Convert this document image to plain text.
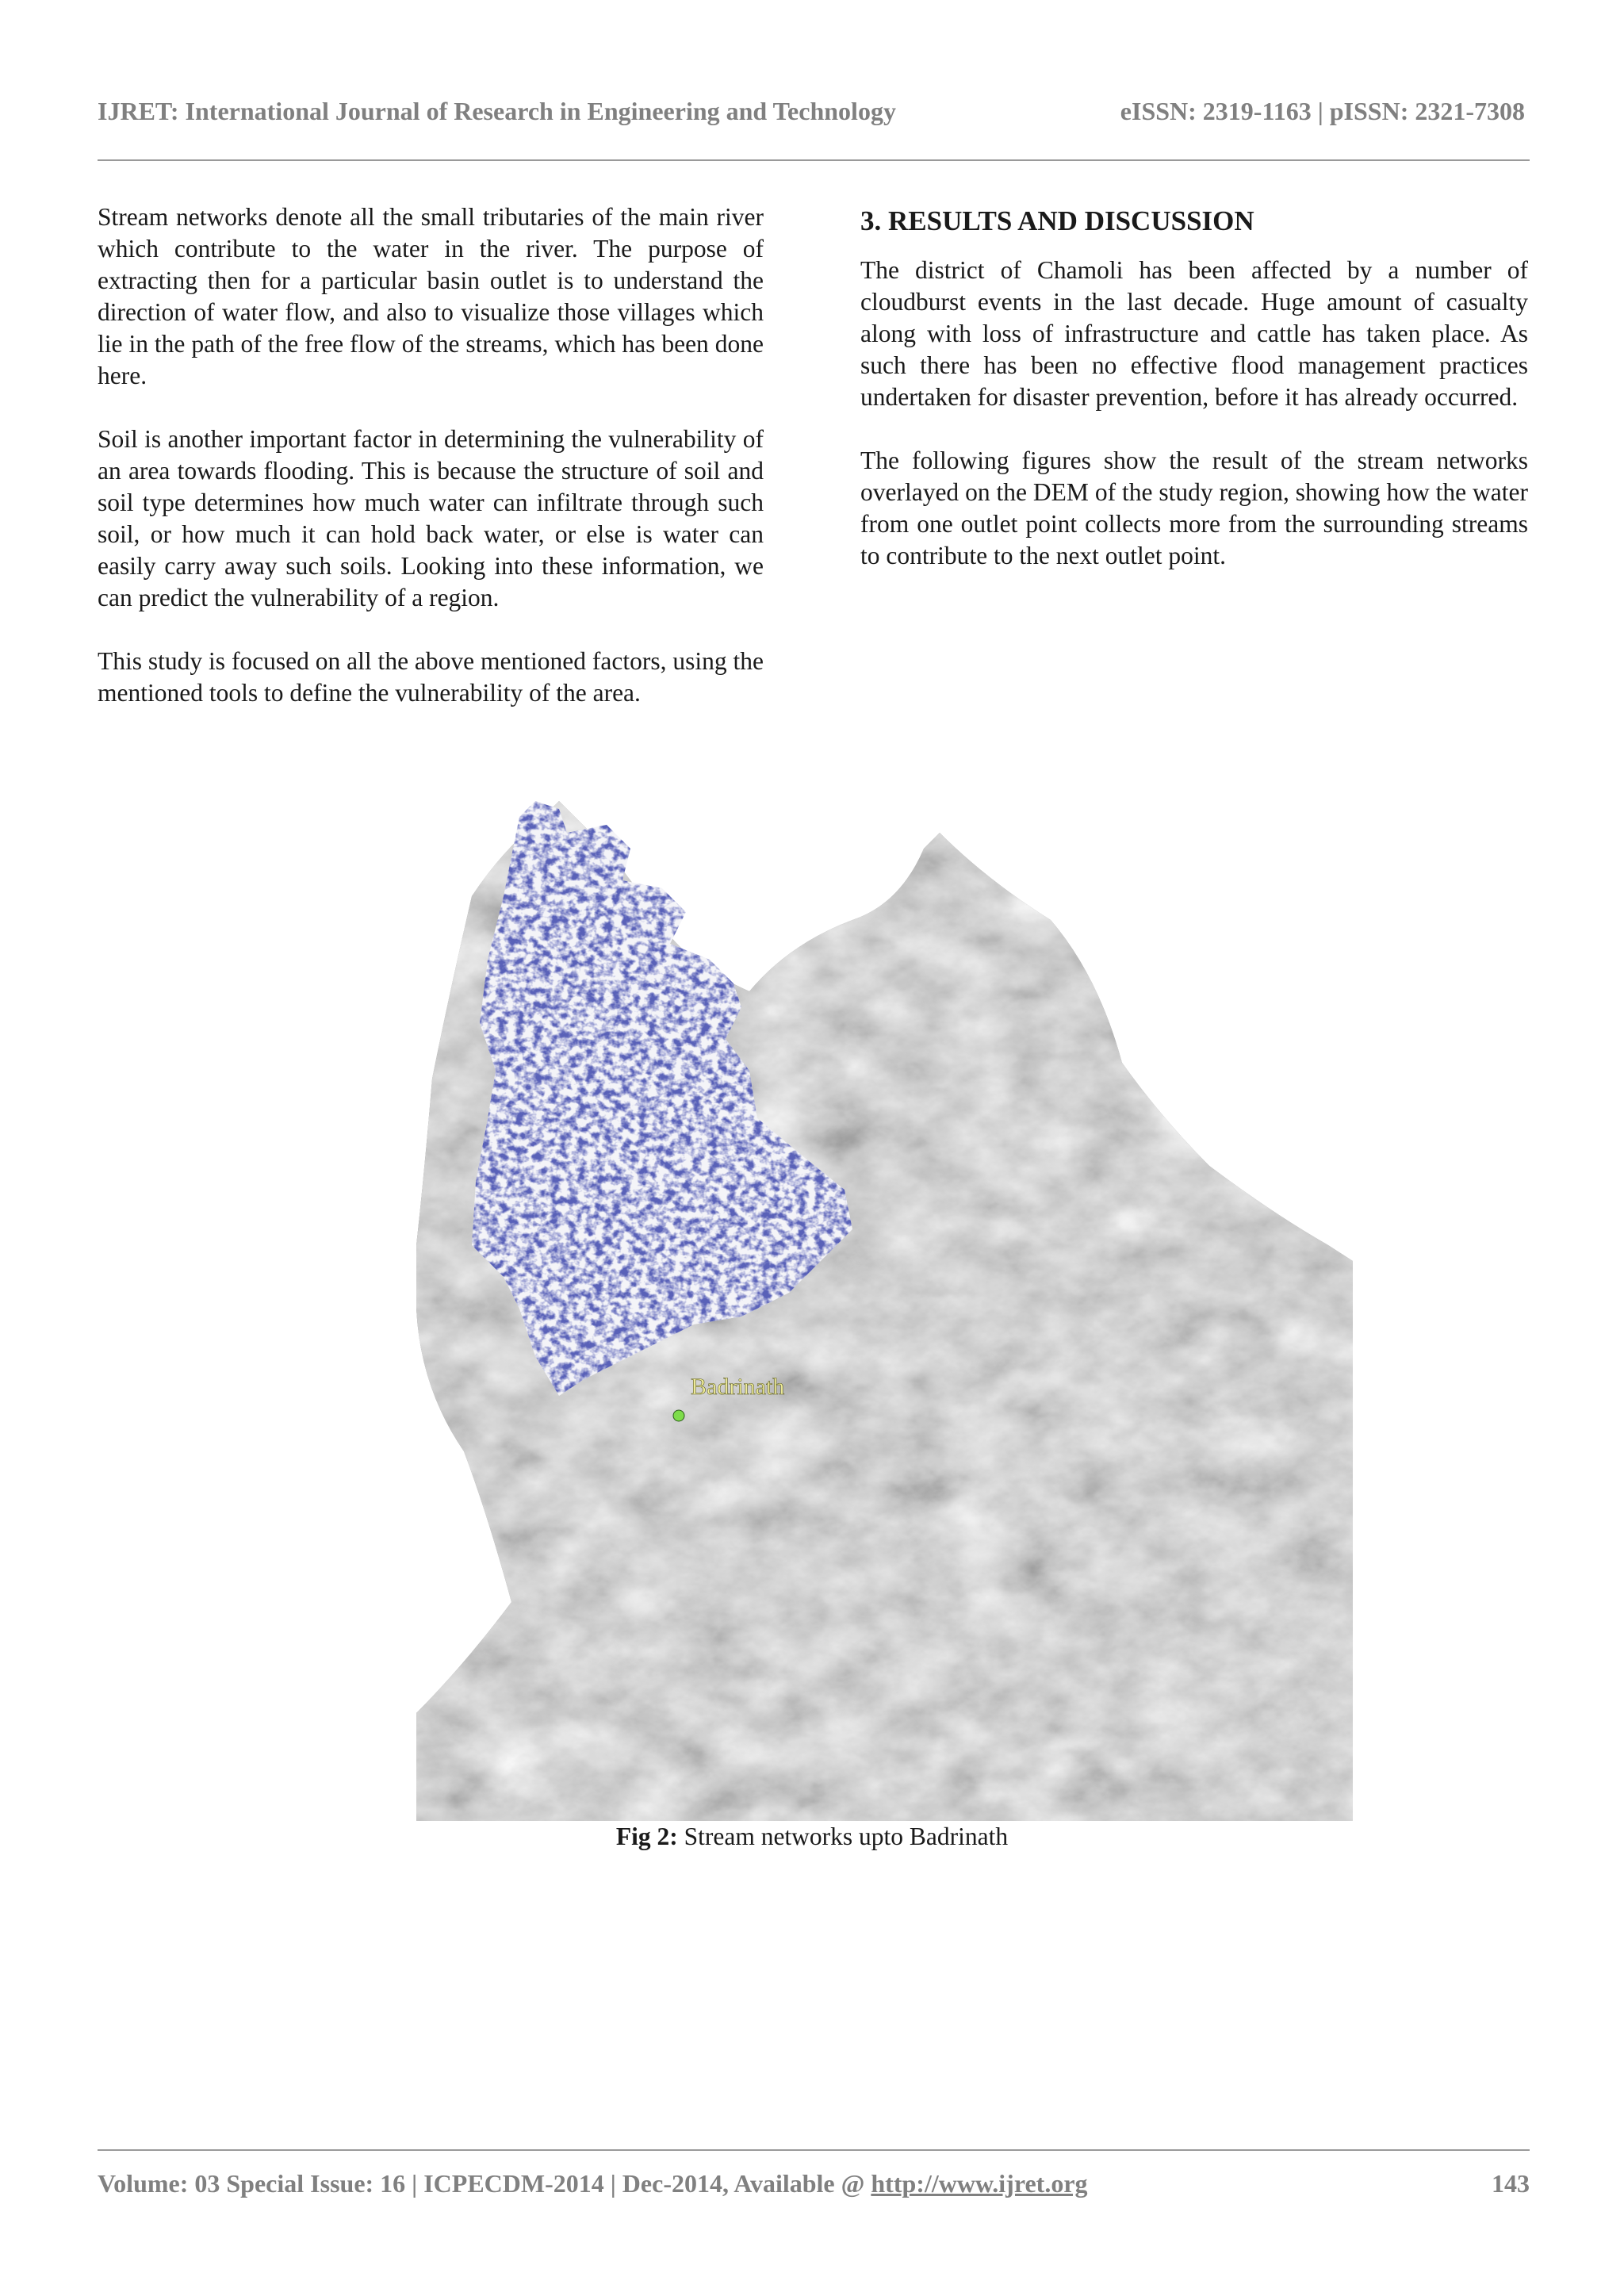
IJRET: International Journal of Research in Engineering and Technology	eISSN: 2319-1163 | pISSN: 2321-7308

Stream networks denote all the small tributaries of the main river which contribute to the water in the river. The purpose of extracting then for a particular basin outlet is to understand the direction of water flow, and also to visualize those villages which lie in the path of the free flow of the streams, which has been done here.

Soil is another important factor in determining the vulnerability of an area towards flooding. This is because the structure of soil and soil type determines how much water can infiltrate through such soil, or how much it can hold back water, or else is water can easily carry away such soils. Looking into these information, we can predict the vulnerability of a region.

This study is focused on all the above mentioned factors, using the mentioned tools to define the vulnerability of the area.

3. RESULTS AND DISCUSSION

The district of Chamoli has been affected by a number of cloudburst events in the last decade. Huge amount of casualty along with loss of infrastructure and cattle has taken place. As such there has been no effective flood management practices undertaken for disaster prevention, before it has already occurred.

The following figures show the result of the stream networks overlayed on the DEM of the study region, showing how the water from one outlet point collects more from the surrounding streams to contribute to the next outlet point.

Badrinath
Fig 2: Stream networks upto Badrinath
Volume: 03 Special Issue: 16 | ICPECDM-2014 | Dec-2014, Available @ http://www.ijret.org	143
